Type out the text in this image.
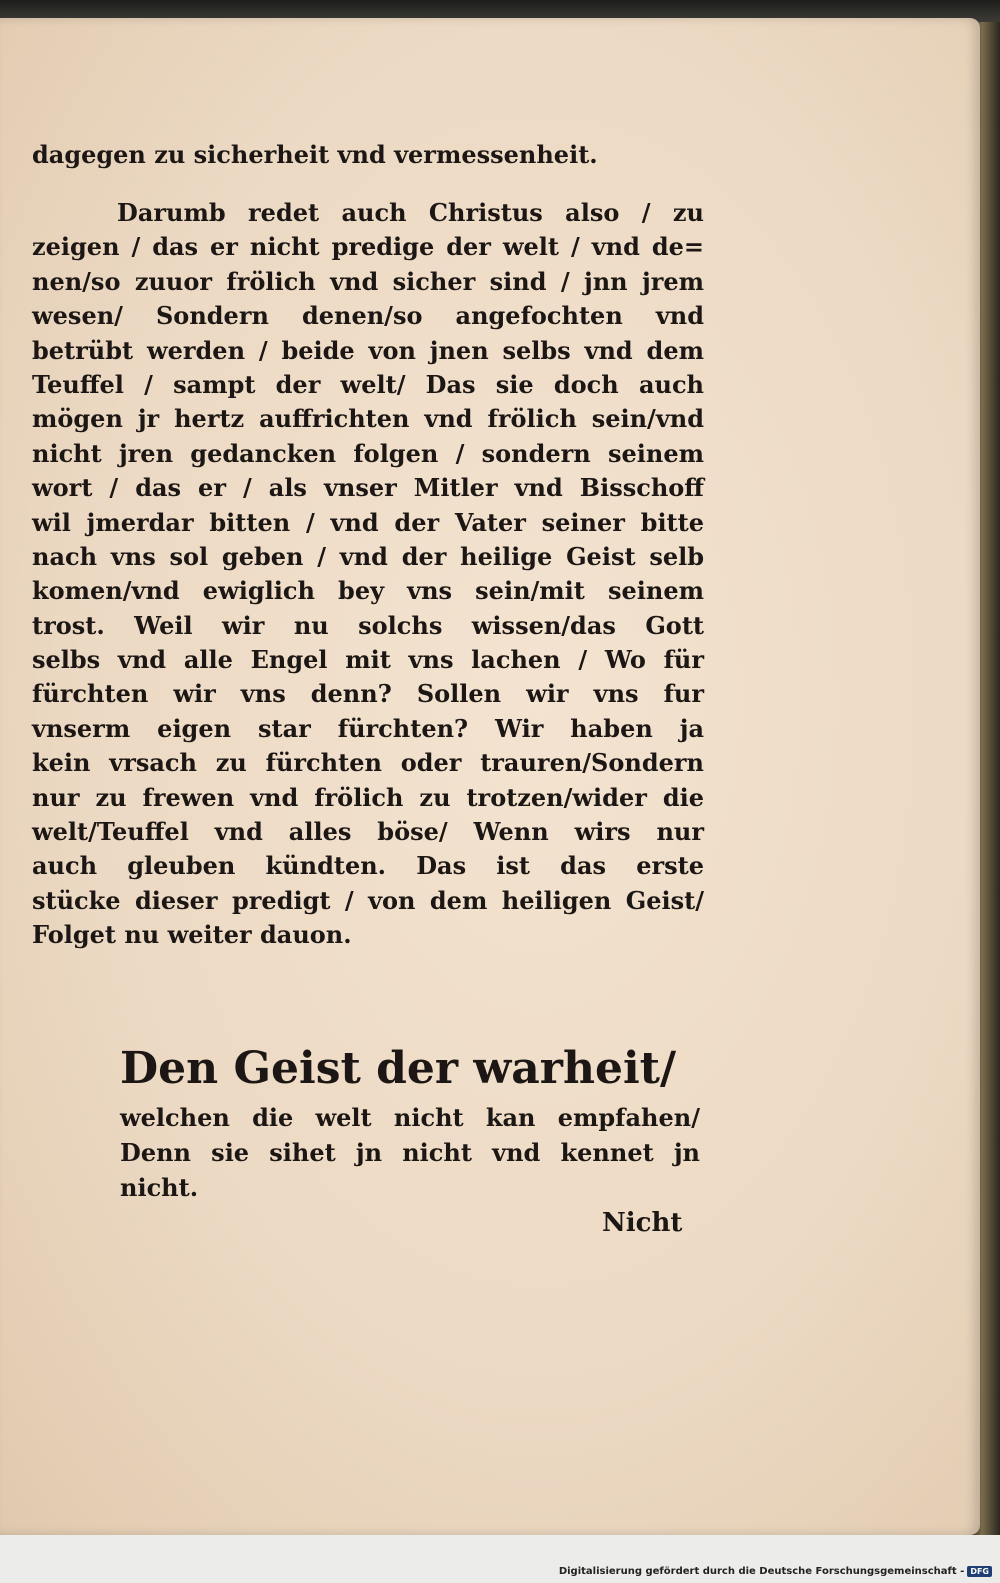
dagegen zu sicherheit vnd vermessenheit.
Darumb redet auch Christus also / zu
zeigen / das er nicht predige der welt / vnd de=
nen/so zuuor frölich vnd sicher sind / jnn jrem
wesen/ Sondern denen/so angefochten vnd
betrübt werden / beide von jnen selbs vnd dem
Teuffel / sampt der welt/ Das sie doch auch
mögen jr hertz auffrichten vnd frölich sein/vnd
nicht jren gedancken folgen / sondern seinem
wort / das er / als vnser Mitler vnd Bisschoff
wil jmerdar bitten / vnd der Vater seiner bitte
nach vns sol geben / vnd der heilige Geist selb
komen/vnd ewiglich bey vns sein/mit seinem
trost. Weil wir nu solchs wissen/das Gott
selbs vnd alle Engel mit vns lachen / Wo für
fürchten wir vns denn? Sollen wir vns fur
vnserm eigen star fürchten? Wir haben ja
kein vrsach zu fürchten oder trauren/Sondern
nur zu frewen vnd frölich zu trotzen/wider die
welt/Teuffel vnd alles böse/ Wenn wirs nur
auch gleuben kündten. Das ist das erste
stücke dieser predigt / von dem heiligen Geist/
Folget nu weiter dauon.
Den Geist der warheit/
welchen die welt nicht kan empfahen/
Denn sie sihet jn nicht vnd kennet jn
nicht.
Nicht
Digitalisierung gefördert durch die Deutsche Forschungsgemeinschaft - DFG
